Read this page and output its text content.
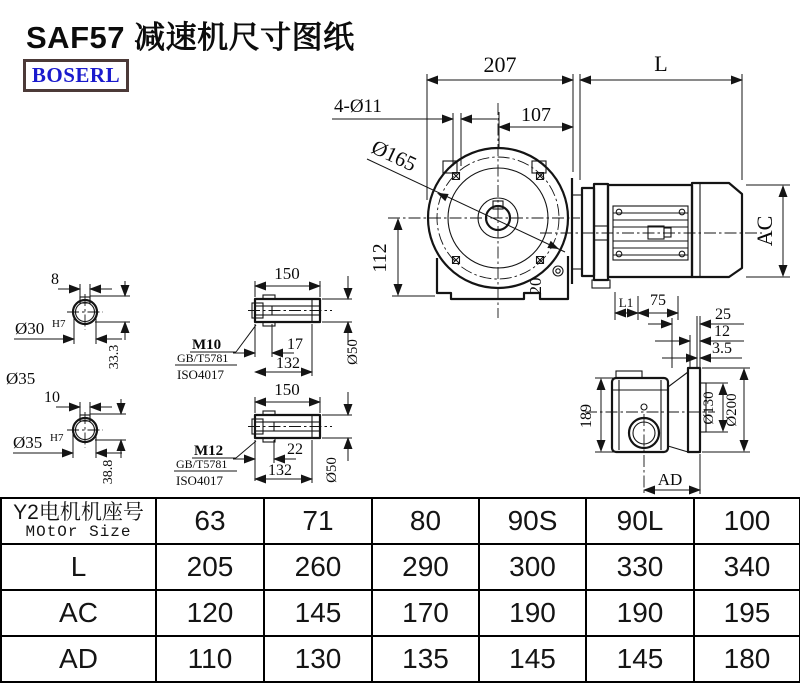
SAF57 减速机尺寸图纸
BOSERL	207	L
4-Ø11	107
Ø165
112
20
AC
8
Ø30 H7
33.3
Ø35
10
Ø35 H7
38.8
150
17
132	Ø50
M10
GB/T5781
ISO4017
150
22
132 Ø50
M12
GB/T5781
ISO4017
L1 75
25
12
3.5
189	Ø130 Ø200
AD
Y2电机机座号
MOtOr Size	63	71	80	90S	90L	100
L	205	260	290	300	330	340
AC	120	145	170	190	190	195
AD	110	130	135	145	145	180
